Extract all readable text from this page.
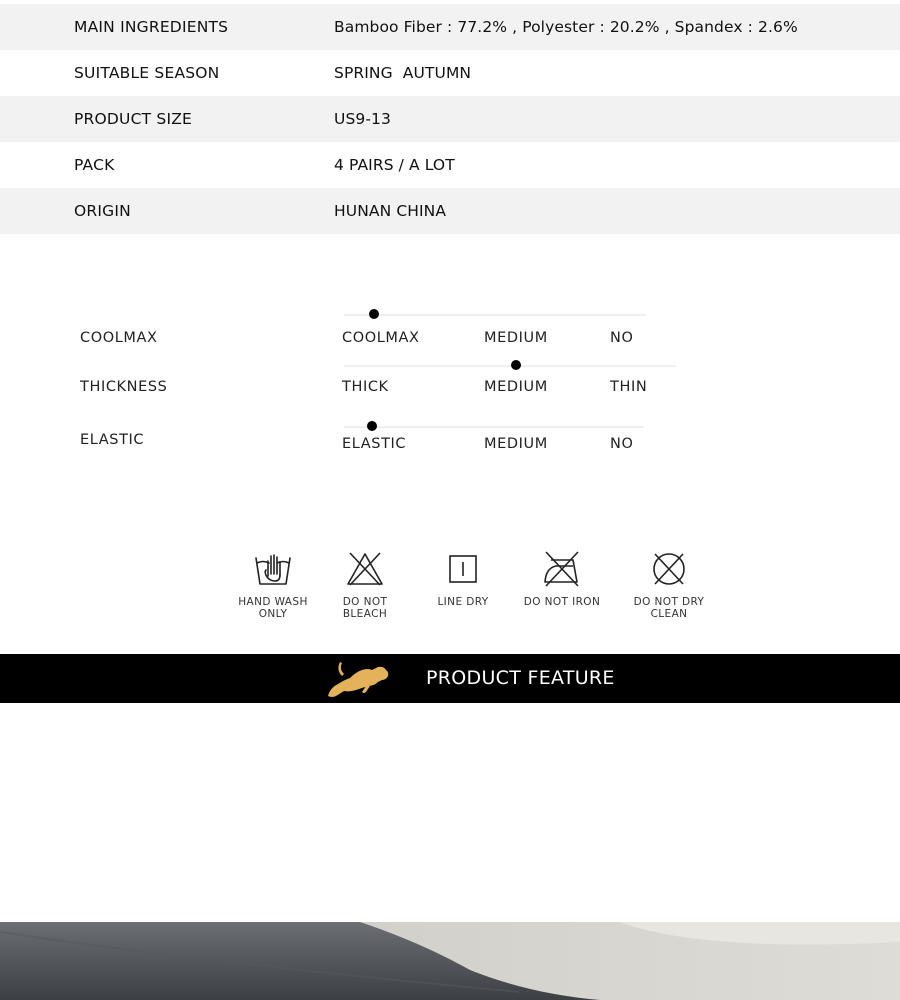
MAIN INGREDIENTS	Bamboo Fiber : 77.2% , Polyester : 20.2% , Spandex : 2.6%
SUITABLE SEASON	SPRING  AUTUMN
PRODUCT SIZE	US9-13
PACK	4 PAIRS / A LOT
ORIGIN	HUNAN CHINA
COOLMAX	COOLMAX	MEDIUM	NO
THICKNESS	THICK	MEDIUM	THIN
ELASTIC	ELASTIC	MEDIUM	NO
HAND WASH
ONLY
DO NOT
BLEACH
LINE DRY	DO NOT IRON	DO NOT DRY
CLEAN
PRODUCT FEATURE
